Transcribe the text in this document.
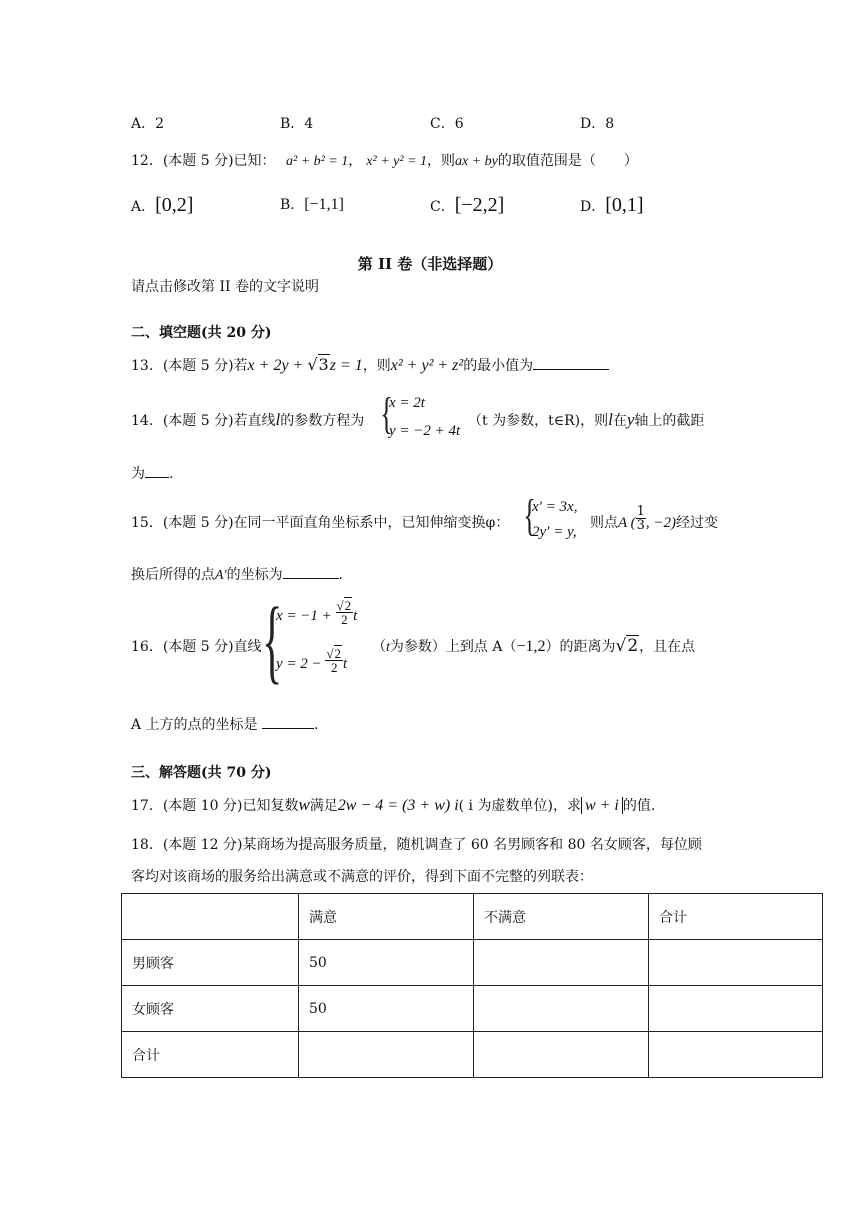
A．2	B．4	C．6	D．8
12．(本题 5 分)已知： a² + b² = 1， x² + y² = 1，则ax + by的取值范围是（　　）
A．[0,2]	B．[−1,1]	C．[−2,2]	D．[0,1]
第 II 卷（非选择题）
请点击修改第 II 卷的文字说明
二、填空题(共 20 分)
13．(本题 5 分)若x + 2y + √3z = 1，则x² + y² + z²的最小值为
14．(本题 5 分)若直线l的参数方程为 {
x = 2t
y = −2 + 4t
（t 为参数，t∈R)，则l在y轴上的截距
为 .
15．(本题 5 分)在同一平面直角坐标系中，已知伸缩变换φ： {
x′ = 3x,
2y′ = y,
则点A ( $\frac{1}{3}$ , −2)经过变
换后所得的点A′的坐标为	.
16．(本题 5 分)直线 {
$x = -1 + \frac{√2}{2}$ t
$y = 2 - \frac{√2}{2}$ t
（t为参数）上到点 A（−1,2）的距离为√2，且在点
A 上方的点的坐标是	.
三、解答题(共 70 分)
17．(本题 10 分)已知复数w满足2w − 4 = (3 + w) i( i 为虚数单位)，求 w + i 的值.
18．(本题 12 分)某商场为提高服务质量，随机调查了 60 名男顾客和 80 名女顾客，每位顾
客均对该商场的服务给出满意或不满意的评价，得到下面不完整的列联表：
	满意	不满意	合计
男顾客	50		
女顾客	50		
合计			
